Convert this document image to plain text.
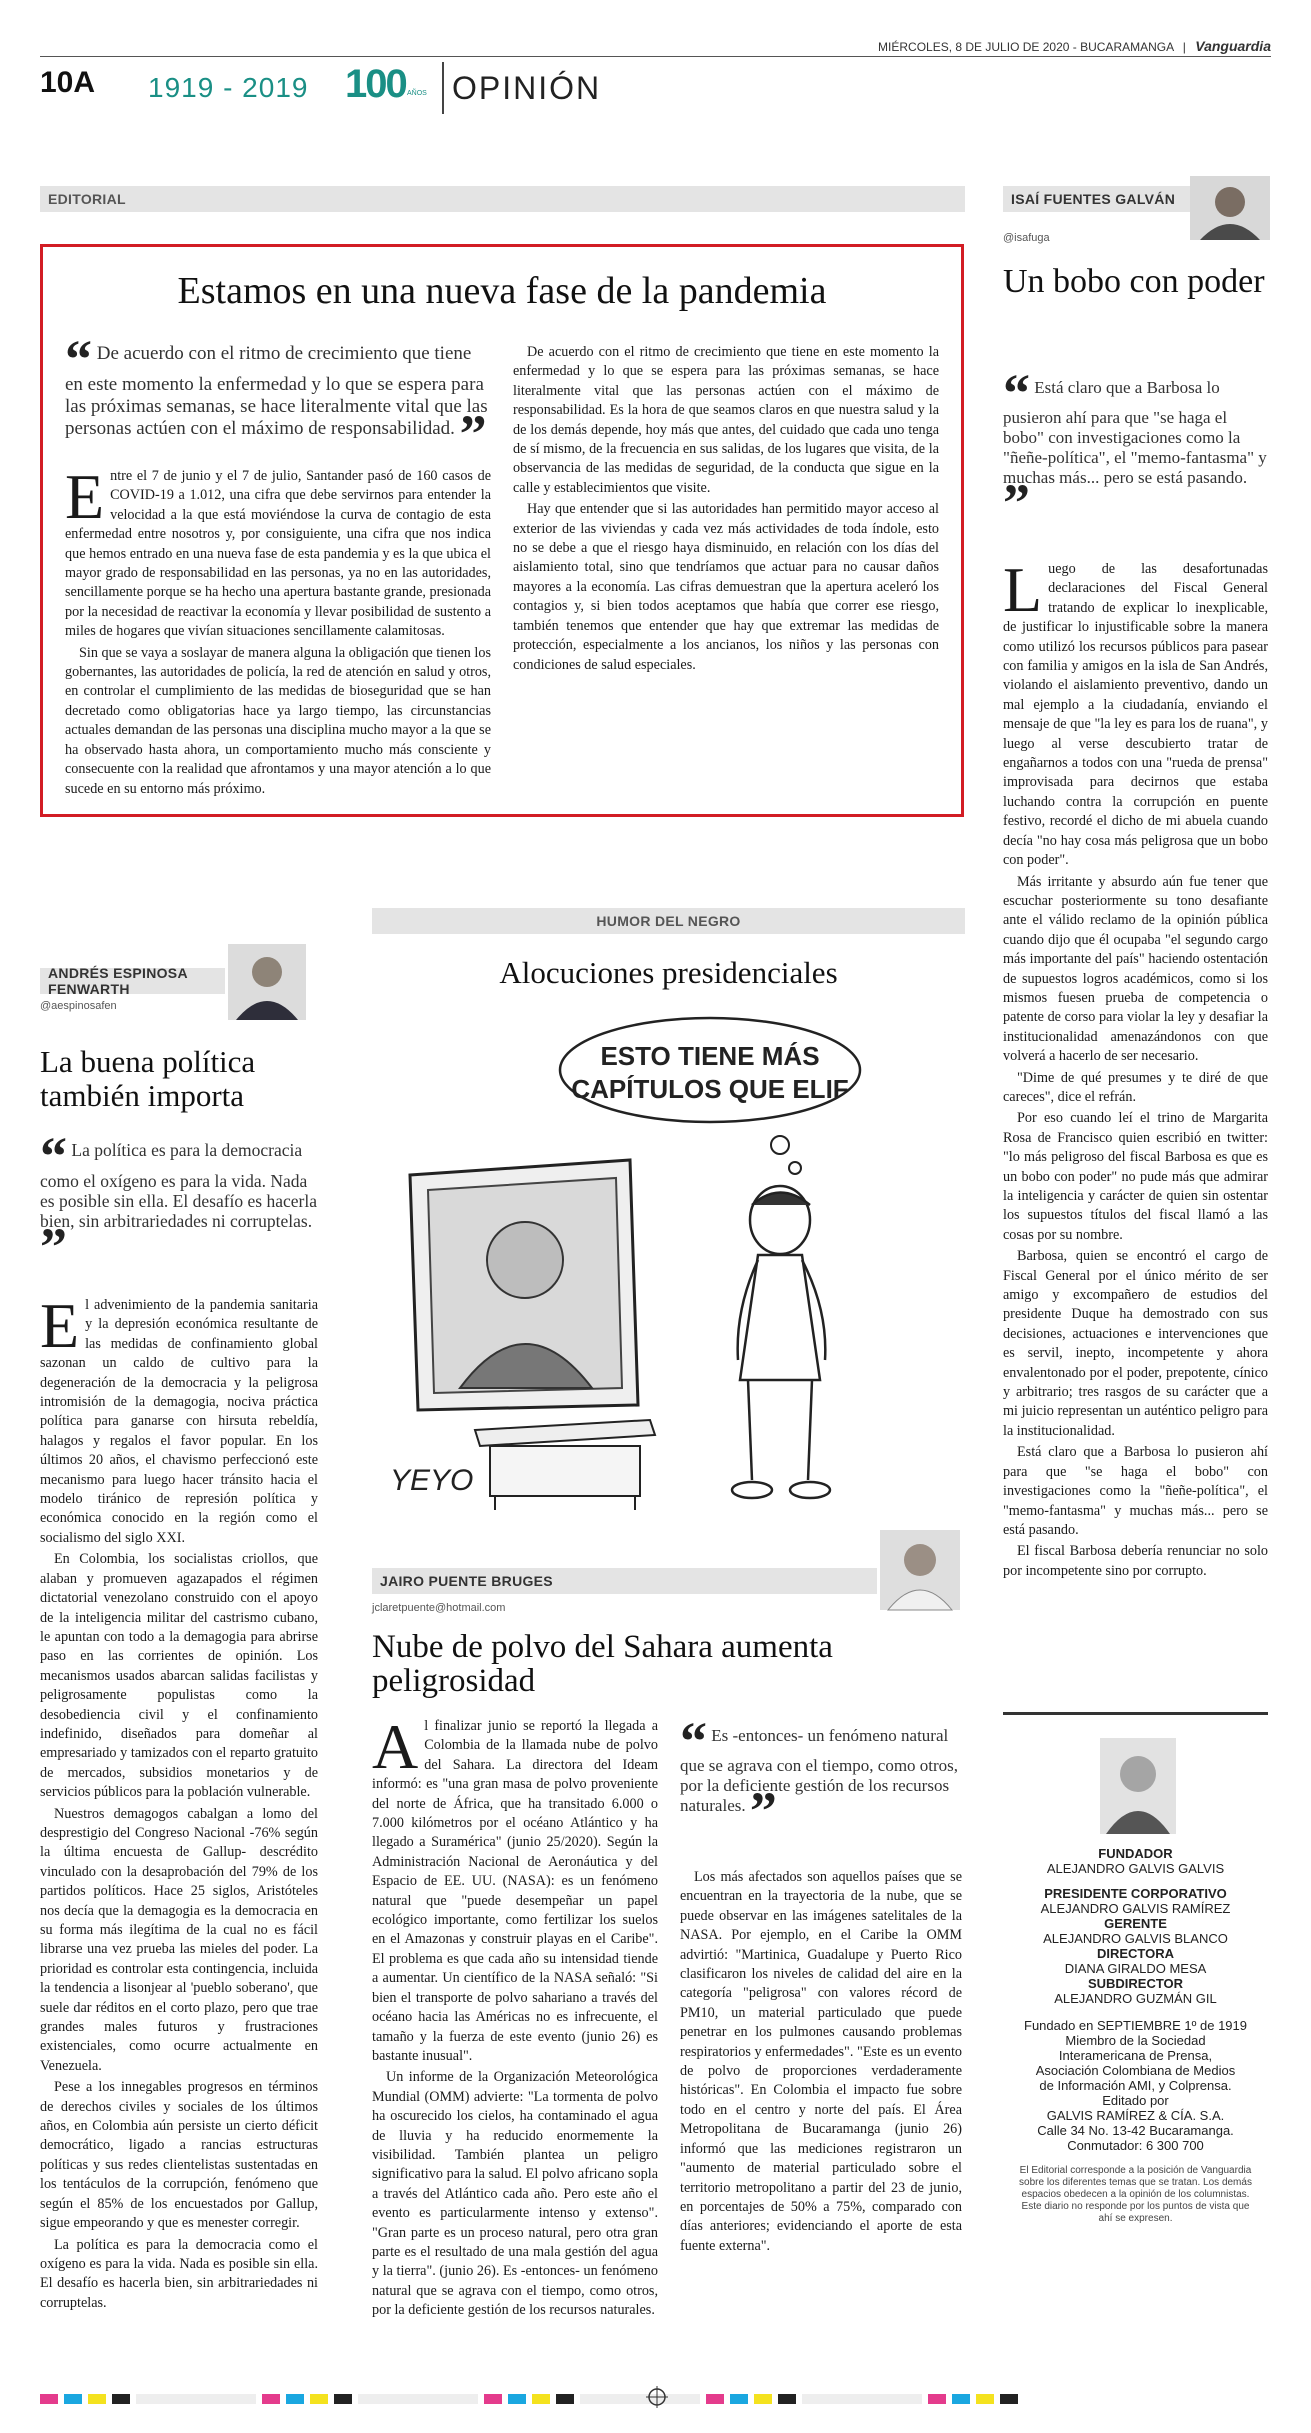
MIÉRCOLES, 8 DE JULIO DE 2020 - BUCARAMANGA | Vanguardia
10A 1919 - 2019 100 AÑOS OPINIÓN
EDITORIAL
Estamos en una nueva fase de la pandemia
“ De acuerdo con el ritmo de crecimiento que tiene en este momento la enfermedad y lo que se espera para las próximas semanas, se hace literalmente vital que las personas actúen con el máximo de responsabilidad. ”

Entre el 7 de junio y el 7 de julio, Santander pasó de 160 casos de COVID-19 a 1.012, una cifra que debe servirnos para entender la velocidad a la que está moviéndose la curva de contagio de esta enfermedad entre nosotros y, por consiguiente, una cifra que nos indica que hemos entrado en una nueva fase de esta pandemia y es la que ubica el mayor grado de responsabilidad en las personas, ya no en las autoridades, sencillamente porque se ha hecho una apertura bastante grande, presionada por la necesidad de reactivar la economía y llevar posibilidad de sustento a miles de hogares que vivían situaciones sencillamente calamitosas.

Sin que se vaya a soslayar de manera alguna la obligación que tienen los gobernantes, las autoridades de policía, la red de atención en salud y otros, en controlar el cumplimiento de las medidas de bioseguridad que se han decretado como obligatorias hace ya largo tiempo, las circunstancias actuales demandan de las personas una disciplina mucho mayor a la que se ha observado hasta ahora, un comportamiento mucho más consciente y consecuente con la realidad que afrontamos y una mayor atención a lo que sucede en su entorno más próximo.

De acuerdo con el ritmo de crecimiento que tiene en este momento la enfermedad y lo que se espera para las próximas semanas, se hace literalmente vital que las personas actúen con el máximo de responsabilidad. Es la hora de que seamos claros en que nuestra salud y la de los demás depende, hoy más que antes, del cuidado que cada uno tenga de sí mismo, de la frecuencia en sus salidas, de los lugares que visita, de la observancia de las medidas de seguridad, de la conducta que sigue en la calle y establecimientos que visite.

Hay que entender que si las autoridades han permitido mayor acceso al exterior de las viviendas y cada vez más actividades de toda índole, esto no se debe a que el riesgo haya disminuido, en relación con los días del aislamiento total, sino que tendríamos que actuar para no causar daños mayores a la economía. Las cifras demuestran que la apertura aceleró los contagios y, si bien todos aceptamos que había que correr ese riesgo, también tenemos que entender que hay que extremar las medidas de protección, especialmente a los ancianos, los niños y las personas con condiciones de salud especiales.

ISAÍ FUENTES GALVÁN
@isafuga
Un bobo con poder
“ Está claro que a Barbosa lo pusieron ahí para que "se haga el bobo" con investigaciones como la "ñeñe-política", el "memo-fantasma" y muchas más... pero se está pasando. ”

Luego de las desafortunadas declaraciones del Fiscal General tratando de explicar lo inexplicable, de justificar lo injustificable sobre la manera como utilizó los recursos públicos para pasear con familia y amigos en la isla de San Andrés, violando el aislamiento preventivo, dando un mal ejemplo a la ciudadanía, enviando el mensaje de que "la ley es para los de ruana", y luego al verse descubierto tratar de engañarnos a todos con una "rueda de prensa" improvisada para decirnos que estaba luchando contra la corrupción en puente festivo, recordé el dicho de mi abuela cuando decía "no hay cosa más peligrosa que un bobo con poder".

Más irritante y absurdo aún fue tener que escuchar posteriormente su tono desafiante ante el válido reclamo de la opinión pública cuando dijo que él ocupaba "el segundo cargo más importante del país" haciendo ostentación de supuestos logros académicos, como si los mismos fuesen prueba de competencia o patente de corso para violar la ley y desafiar la institucionalidad amenazándonos con que volverá a hacerlo de ser necesario.

"Dime de qué presumes y te diré de que careces", dice el refrán.

Por eso cuando leí el trino de Margarita Rosa de Francisco quien escribió en twitter: "lo más peligroso del fiscal Barbosa es que es un bobo con poder" no pude más que admirar la inteligencia y carácter de quien sin ostentar los supuestos títulos del fiscal llamó a las cosas por su nombre.

Barbosa, quien se encontró el cargo de Fiscal General por el único mérito de ser amigo y excompañero de estudios del presidente Duque ha demostrado con sus decisiones, actuaciones e intervenciones que es servil, inepto, incompetente y ahora envalentonado por el poder, prepotente, cínico y arbitrario; tres rasgos de su carácter que a mi juicio representan un auténtico peligro para la institucionalidad.

Está claro que a Barbosa lo pusieron ahí para que "se haga el bobo" con investigaciones como la "ñeñe-política", el "memo-fantasma" y muchas más... pero se está pasando.

El fiscal Barbosa debería renunciar no solo por incompetente sino por corrupto.

FUNDADOR
ALEJANDRO GALVIS GALVIS
PRESIDENTE CORPORATIVO
ALEJANDRO GALVIS RAMÍREZ
GERENTE
ALEJANDRO GALVIS BLANCO
DIRECTORA
DIANA GIRALDO MESA
SUBDIRECTOR
ALEJANDRO GUZMÁN GIL
Fundado en SEPTIEMBRE 1º de 1919
Miembro de la Sociedad
Interamericana de Prensa,
Asociación Colombiana de Medios
de Información AMI, y Colprensa.
Editado por
GALVIS RAMÍREZ & CÍA. S.A.
Calle 34 No. 13-42 Bucaramanga.
Conmutador: 6 300 700
El Editorial corresponde a la posición de Vanguardia sobre los diferentes temas que se tratan. Los demás espacios obedecen a la opinión de los columnistas. Este diario no responde por los puntos de vista que ahí se expresen.
ANDRÉS ESPINOSA FENWARTH
@aespinosafen
La buena política también importa
“ La política es para la democracia como el oxígeno es para la vida. Nada es posible sin ella. El desafío es hacerla bien, sin arbitrariedades ni corruptelas. ”

El advenimiento de la pandemia sanitaria y la depresión económica resultante de las medidas de confinamiento global sazonan un caldo de cultivo para la degeneración de la democracia y la peligrosa intromisión de la demagogia, nociva práctica política para ganarse con hirsuta rebeldía, halagos y regalos el favor popular. En los últimos 20 años, el chavismo perfeccionó este mecanismo para luego hacer tránsito hacia el modelo tiránico de represión política y económica conocido en la región como el socialismo del siglo XXI.

En Colombia, los socialistas criollos, que alaban y promueven agazapados el régimen dictatorial venezolano construido con el apoyo de la inteligencia militar del castrismo cubano, le apuntan con todo a la demagogia para abrirse paso en las corrientes de opinión. Los mecanismos usados abarcan salidas facilistas y peligrosamente populistas como la desobediencia civil y el confinamiento indefinido, diseñados para domeñar al empresariado y tamizados con el reparto gratuito de mercados, subsidios monetarios y de servicios públicos para la población vulnerable.

Nuestros demagogos cabalgan a lomo del desprestigio del Congreso Nacional -76% según la última encuesta de Gallup- descrédito vinculado con la desaprobación del 79% de los partidos políticos. Hace 25 siglos, Aristóteles nos decía que la demagogia es la democracia en su forma más ilegítima de la cual no es fácil librarse una vez prueba las mieles del poder. La prioridad es controlar esta contingencia, incluida la tendencia a lisonjear al 'pueblo soberano', que suele dar réditos en el corto plazo, pero que trae grandes males futuros y frustraciones existenciales, como ocurre actualmente en Venezuela.

Pese a los innegables progresos en términos de derechos civiles y sociales de los últimos años, en Colombia aún persiste un cierto déficit democrático, ligado a rancias estructuras políticas y sus redes clientelistas sustentadas en los tentáculos de la corrupción, fenómeno que según el 85% de los encuestados por Gallup, sigue empeorando y que es menester corregir.

La política es para la democracia como el oxígeno es para la vida. Nada es posible sin ella. El desafío es hacerla bien, sin arbitrariedades ni corruptelas.

HUMOR DEL NEGRO
Alocuciones presidenciales
ESTO TIENE MÁS
CAPÍTULOS QUE ELIF
YEYO
JAIRO PUENTE BRUGES
jclaretpuente@hotmail.com
Nube de polvo del Sahara aumenta peligrosidad

Al finalizar junio se reportó la llegada a Colombia de la llamada nube de polvo del Sahara. La directora del Ideam informó: es "una gran masa de polvo proveniente del norte de África, que ha transitado 6.000 o 7.000 kilómetros por el océano Atlántico y ha llegado a Suramérica" (junio 25/2020). Según la Administración Nacional de Aeronáutica y del Espacio de EE. UU. (NASA): es un fenómeno natural que "puede desempeñar un papel ecológico importante, como fertilizar los suelos en el Amazonas y construir playas en el Caribe". El problema es que cada año su intensidad tiende a aumentar. Un científico de la NASA señaló: "Si bien el transporte de polvo sahariano a través del océano hacia las Américas no es infrecuente, el tamaño y la fuerza de este evento (junio 26) es bastante inusual".

Un informe de la Organización Meteorológica Mundial (OMM) advierte: "La tormenta de polvo ha oscurecido los cielos, ha contaminado el agua de lluvia y ha reducido enormemente la visibilidad. También plantea un peligro significativo para la salud. El polvo africano sopla a través del Atlántico cada año. Pero este año el evento es particularmente intenso y extenso". "Gran parte es un proceso natural, pero otra gran parte es el resultado de una mala gestión del agua y la tierra". (junio 26). Es -entonces- un fenómeno natural que se agrava con el tiempo, como otros, por la deficiente gestión de los recursos naturales.

“ Es -entonces- un fenómeno natural que se agrava con el tiempo, como otros, por la deficiente gestión de los recursos naturales. ”

Los más afectados son aquellos países que se encuentran en la trayectoria de la nube, que se puede observar en las imágenes satelitales de la NASA. Por ejemplo, en el Caribe la OMM advirtió: "Martinica, Guadalupe y Puerto Rico clasificaron los niveles de calidad del aire en la categoría "peligrosa" con valores récord de PM10, un material particulado que puede penetrar en los pulmones causando problemas respiratorios y enfermedades". "Este es un evento de polvo de proporciones verdaderamente históricas". En Colombia el impacto fue sobre todo en el centro y norte del país. El Área Metropolitana de Bucaramanga (junio 26) informó que las mediciones registraron un "aumento de material particulado sobre el territorio metropolitano a partir del 23 de junio, en porcentajes de 50% a 75%, comparado con días anteriores; evidenciando el aporte de esta fuente externa".
